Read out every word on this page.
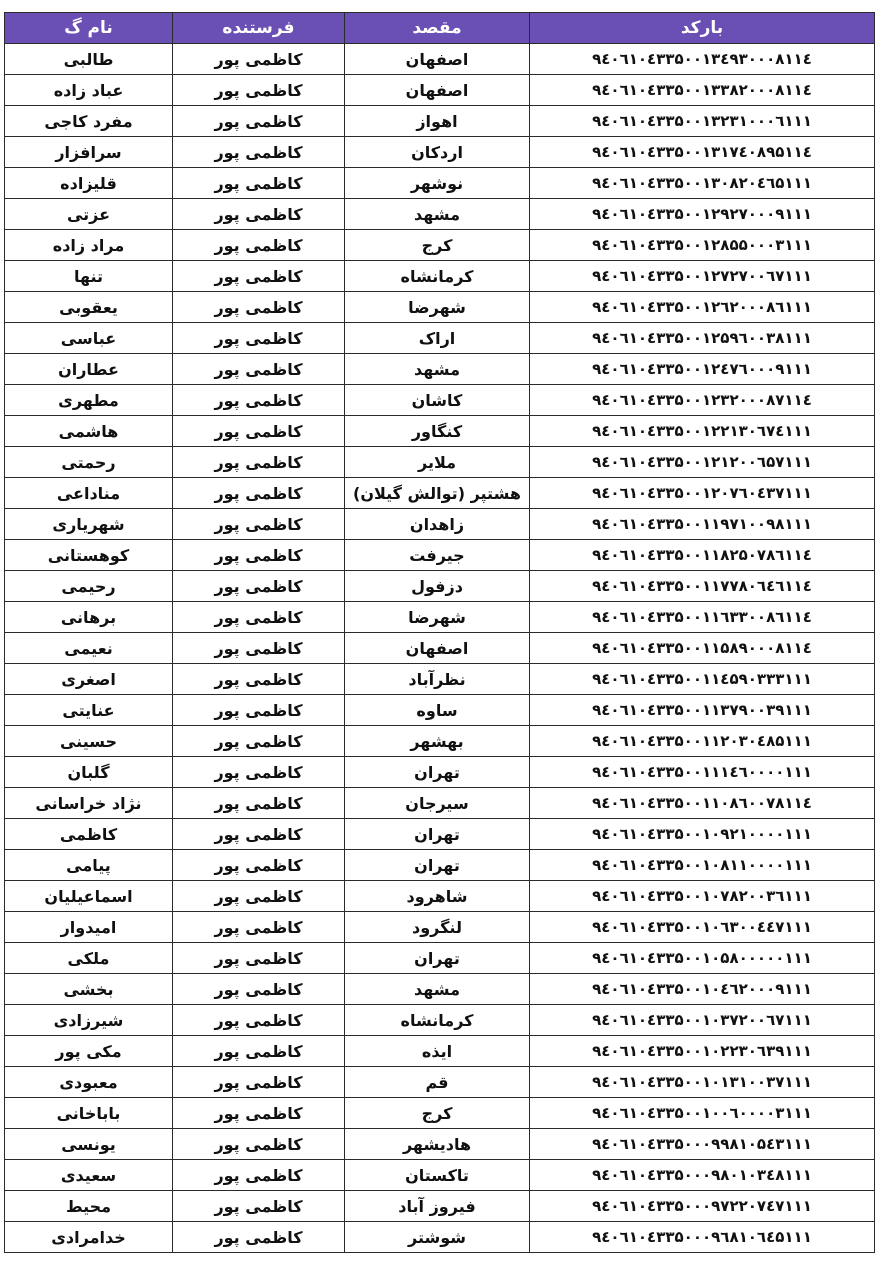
بارکد	مقصد	فرستنده	نام گ
۹٤۰٦۱۰٤۳۳۵۰۰۱۳٤۹۳۰۰۰۸۱۱٤	اصفهان	کاظمی پور	طالبی
۹٤۰٦۱۰٤۳۳۵۰۰۱۳۳۸۲۰۰۰۸۱۱٤	اصفهان	کاظمی پور	عباد زاده
۹٤۰٦۱۰٤۳۳۵۰۰۱۳۲۳۱۰۰۰٦۱۱۱	اهواز	کاظمی پور	مفرد کاجی
۹٤۰٦۱۰٤۳۳۵۰۰۱۳۱۷٤۰۸۹۵۱۱٤	اردکان	کاظمی پور	سرافزار
۹٤۰٦۱۰٤۳۳۵۰۰۱۳۰۸۲۰٤٦۵۱۱۱	نوشهر	کاظمی پور	قلیزاده
۹٤۰٦۱۰٤۳۳۵۰۰۱۲۹۲۷۰۰۰۹۱۱۱	مشهد	کاظمی پور	عزتی
۹٤۰٦۱۰٤۳۳۵۰۰۱۲۸۵۵۰۰۰۳۱۱۱	کرج	کاظمی پور	مراد زاده
۹٤۰٦۱۰٤۳۳۵۰۰۱۲۷۲۷۰۰٦۷۱۱۱	کرمانشاه	کاظمی پور	تنها
۹٤۰٦۱۰٤۳۳۵۰۰۱۲٦۲۰۰۰۸٦۱۱۱	شهرضا	کاظمی پور	یعقوبی
۹٤۰٦۱۰٤۳۳۵۰۰۱۲۵۹٦۰۰۳۸۱۱۱	اراک	کاظمی پور	عباسی
۹٤۰٦۱۰٤۳۳۵۰۰۱۲٤۷٦۰۰۰۹۱۱۱	مشهد	کاظمی پور	عطاران
۹٤۰٦۱۰٤۳۳۵۰۰۱۲۳۲۰۰۰۸۷۱۱٤	کاشان	کاظمی پور	مطهری
۹٤۰٦۱۰٤۳۳۵۰۰۱۲۲۱۳۰٦۷٤۱۱۱	کنگاور	کاظمی پور	هاشمی
۹٤۰٦۱۰٤۳۳۵۰۰۱۲۱۲۰۰٦۵۷۱۱۱	ملایر	کاظمی پور	رحمتی
۹٤۰٦۱۰٤۳۳۵۰۰۱۲۰۷٦۰٤۳۷۱۱۱	هشتپر (توالش گیلان)	کاظمی پور	مناداعی
۹٤۰٦۱۰٤۳۳۵۰۰۱۱۹۷۱۰۰۹۸۱۱۱	زاهدان	کاظمی پور	شهریاری
۹٤۰٦۱۰٤۳۳۵۰۰۱۱۸۲۵۰۷۸٦۱۱٤	جیرفت	کاظمی پور	کوهستانی
۹٤۰٦۱۰٤۳۳۵۰۰۱۱۷۷۸۰٦٤٦۱۱٤	دزفول	کاظمی پور	رحیمی
۹٤۰٦۱۰٤۳۳۵۰۰۱۱٦۳۳۰۰۸٦۱۱٤	شهرضا	کاظمی پور	برهانی
۹٤۰٦۱۰٤۳۳۵۰۰۱۱۵۸۹۰۰۰۸۱۱٤	اصفهان	کاظمی پور	نعیمی
۹٤۰٦۱۰٤۳۳۵۰۰۱۱٤۵۹۰۳۳۳۱۱۱	نظرآباد	کاظمی پور	اصغری
۹٤۰٦۱۰٤۳۳۵۰۰۱۱۳۷۹۰۰۳۹۱۱۱	ساوه	کاظمی پور	عنایتی
۹٤۰٦۱۰٤۳۳۵۰۰۱۱۲۰۳۰٤۸۵۱۱۱	بهشهر	کاظمی پور	حسینی
۹٤۰٦۱۰٤۳۳۵۰۰۱۱۱٤٦۰۰۰۰۱۱۱	تهران	کاظمی پور	گلبان
۹٤۰٦۱۰٤۳۳۵۰۰۱۱۰۸٦۰۰۷۸۱۱٤	سیرجان	کاظمی پور	نژاد خراسانی
۹٤۰٦۱۰٤۳۳۵۰۰۱۰۹۲۱۰۰۰۰۱۱۱	تهران	کاظمی پور	کاظمی
۹٤۰٦۱۰٤۳۳۵۰۰۱۰۸۱۱۰۰۰۰۱۱۱	تهران	کاظمی پور	پیامی
۹٤۰٦۱۰٤۳۳۵۰۰۱۰۷۸۲۰۰۳٦۱۱۱	شاهرود	کاظمی پور	اسماعیلیان
۹٤۰٦۱۰٤۳۳۵۰۰۱۰٦۳۰۰٤٤۷۱۱۱	لنگرود	کاظمی پور	امیدوار
۹٤۰٦۱۰٤۳۳۵۰۰۱۰۵۸۰۰۰۰۰۱۱۱	تهران	کاظمی پور	ملکی
۹٤۰٦۱۰٤۳۳۵۰۰۱۰٤٦۲۰۰۰۹۱۱۱	مشهد	کاظمی پور	بخشی
۹٤۰٦۱۰٤۳۳۵۰۰۱۰۳۷۲۰۰٦۷۱۱۱	کرمانشاه	کاظمی پور	شیرزادی
۹٤۰٦۱۰٤۳۳۵۰۰۱۰۲۲۳۰٦۳۹۱۱۱	ایذه	کاظمی پور	مکی پور
۹٤۰٦۱۰٤۳۳۵۰۰۱۰۱۳۱۰۰۳۷۱۱۱	قم	کاظمی پور	معبودی
۹٤۰٦۱۰٤۳۳۵۰۰۱۰۰٦۰۰۰۰۳۱۱۱	کرج	کاظمی پور	باباخانی
۹٤۰٦۱۰٤۳۳۵۰۰۰۹۹۸۱۰۵٤۳۱۱۱	هادیشهر	کاظمی پور	یونسی
۹٤۰٦۱۰٤۳۳۵۰۰۰۹۸۰۱۰۳٤۸۱۱۱	تاکستان	کاظمی پور	سعیدی
۹٤۰٦۱۰٤۳۳۵۰۰۰۹۷۲۲۰۷٤۷۱۱۱	فیروز آباد	کاظمی پور	محیط
۹٤۰٦۱۰٤۳۳۵۰۰۰۹٦۸۱۰٦٤۵۱۱۱	شوشتر	کاظمی پور	خدامرادی
